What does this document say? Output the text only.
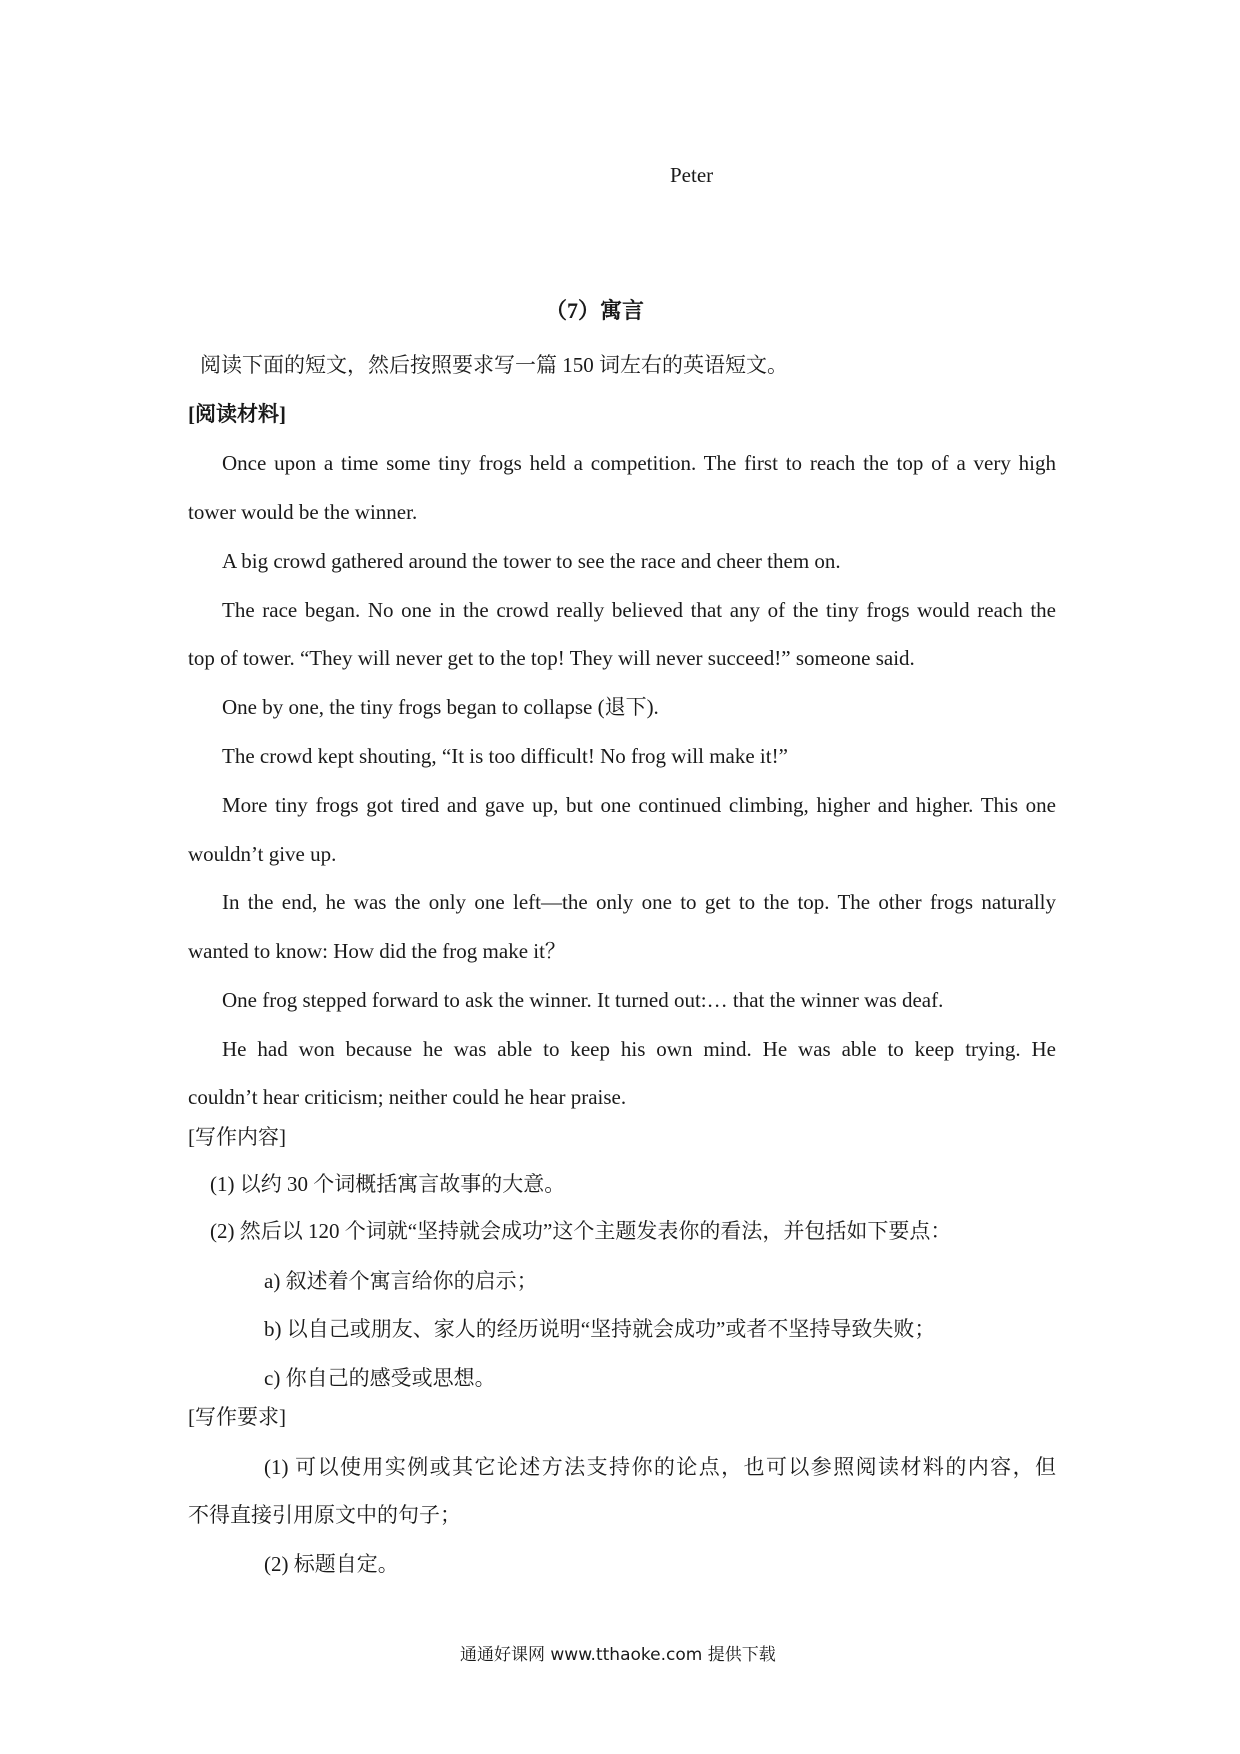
Peter
（7）寓言
阅读下面的短文，然后按照要求写一篇 150 词左右的英语短文。
[阅读材料]
Once upon a time some tiny frogs held a competition. The first to reach the top of a very high
tower would be the winner.
A big crowd gathered around the tower to see the race and cheer them on.
The race began. No one in the crowd really believed that any of the tiny frogs would reach the
top of tower. “They will never get to the top! They will never succeed!” someone said.
One by one, the tiny frogs began to collapse (退下).
The crowd kept shouting, “It is too difficult! No frog will make it!”
More tiny frogs got tired and gave up, but one continued climbing, higher and higher. This one
wouldn’t give up.
In the end, he was the only one left—the only one to get to the top. The other frogs naturally
wanted to know: How did the frog make it？
One frog stepped forward to ask the winner. It turned out:… that the winner was deaf.
He had won because he was able to keep his own mind. He was able to keep trying. He
couldn’t hear criticism; neither could he hear praise.
[写作内容]
(1) 以约 30 个词概括寓言故事的大意。
(2) 然后以 120 个词就“坚持就会成功”这个主题发表你的看法，并包括如下要点：
a) 叙述着个寓言给你的启示；
b) 以自己或朋友、家人的经历说明“坚持就会成功”或者不坚持导致失败；
c) 你自己的感受或思想。
[写作要求]
(1) 可以使用实例或其它论述方法支持你的论点，也可以参照阅读材料的内容，但
不得直接引用原文中的句子；
(2) 标题自定。
通通好课网 www.tthaoke.com 提供下载
